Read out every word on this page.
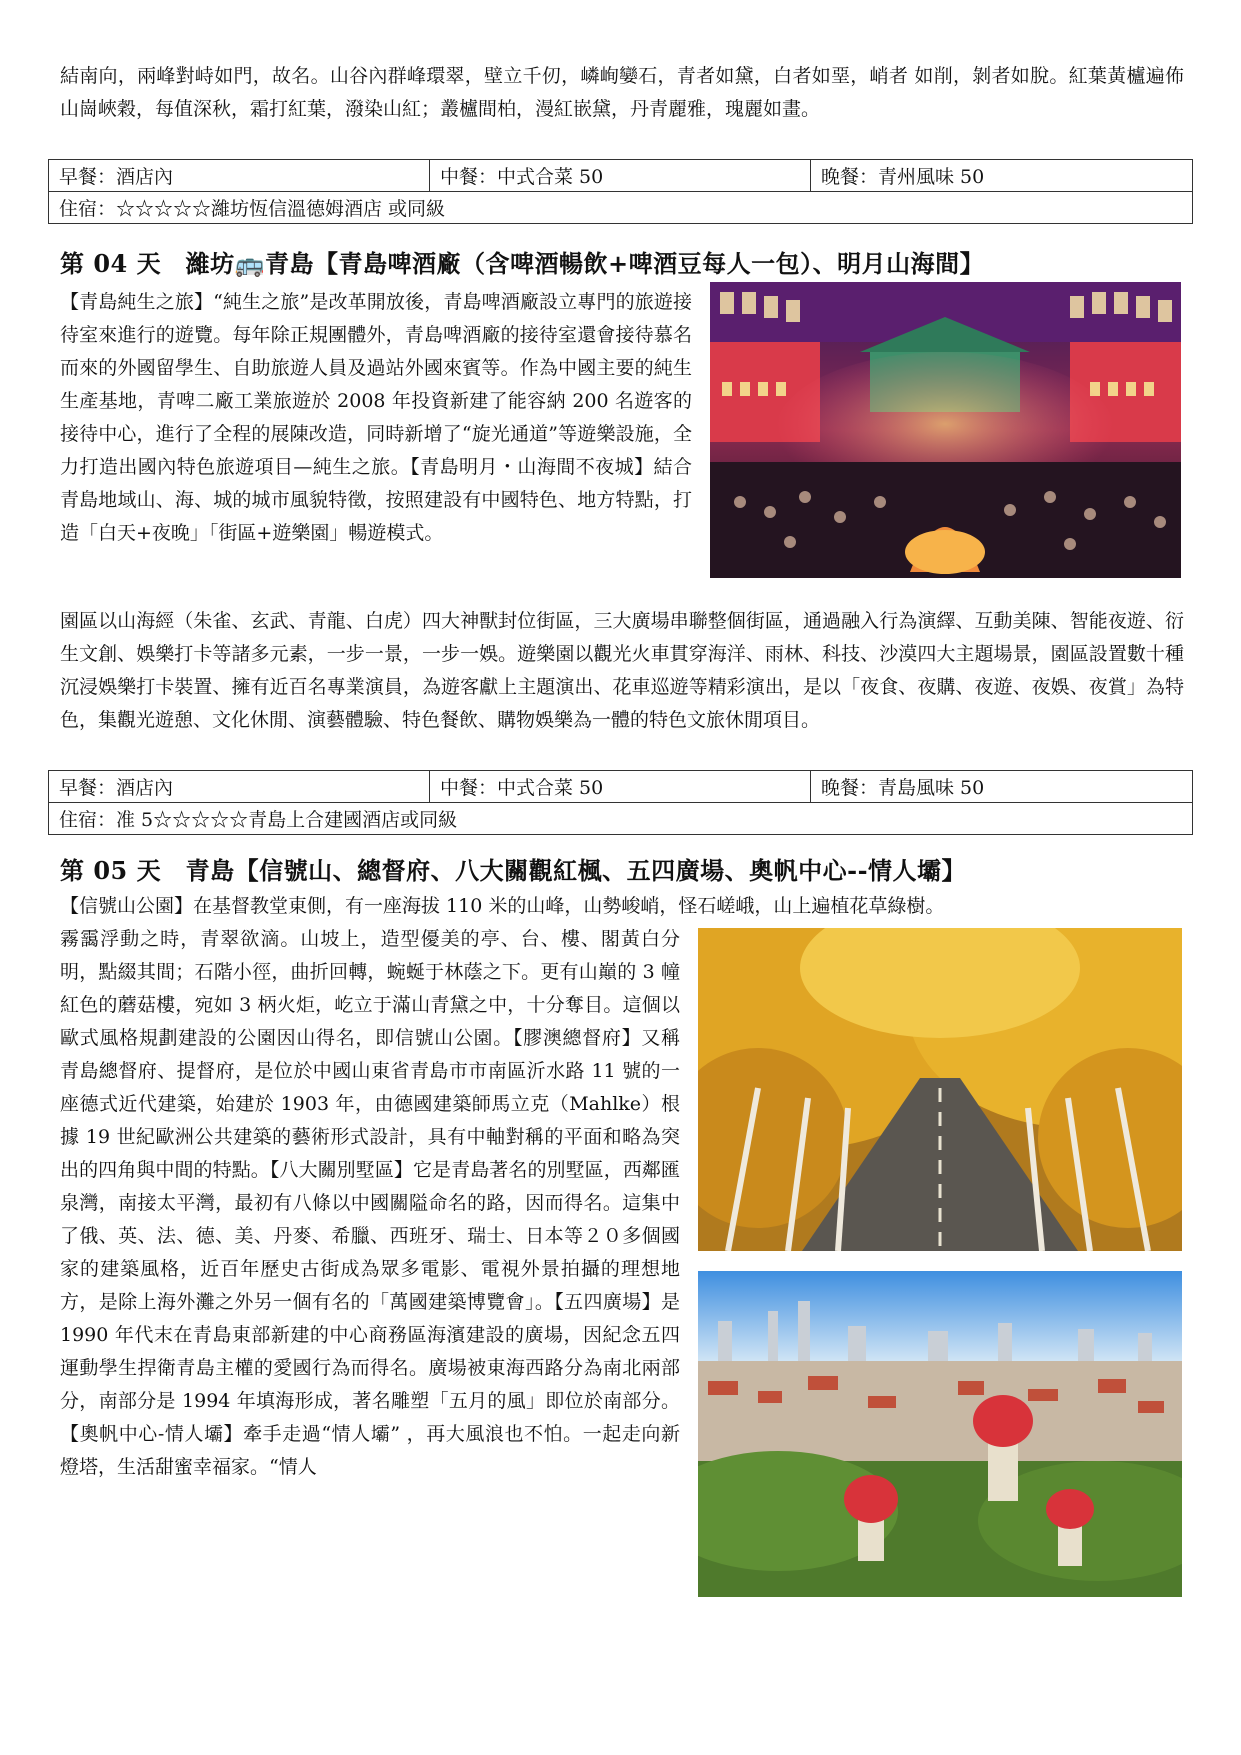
結南向，兩峰對峙如門，故名。山谷內群峰環翠，壁立千仞，嶙峋孌石，青者如黛，白者如堊，峭者 如削，剝者如脫。紅葉黃櫨遍佈山崗峽穀，每值深秋，霜打紅葉，潑染山紅；叢櫨間柏，漫紅嵌黛，丹青麗雅，瑰麗如畫。

早餐：酒店內	中餐：中式合菜 50	晚餐：青州風味 50
住宿：☆☆☆☆☆濰坊恆信溫德姆酒店 或同級
第 04 天　濰坊🚌青島【青島啤酒廠（含啤酒暢飲+啤酒豆每人一包）、明月山海間】

【青島純生之旅】“純生之旅”是改革開放後，青島啤酒廠設立專門的旅遊接待室來進行的遊覽。每年除正規團體外，青島啤酒廠的接待室還會接待慕名而來的外國留學生、自助旅遊人員及過站外國來賓等。作為中國主要的純生生產基地，青啤二廠工業旅遊於 2008 年投資新建了能容納 200 名遊客的接待中心，進行了全程的展陳改造，同時新增了“旋光通道”等遊樂設施，全力打造出國內特色旅遊項目—純生之旅。【青島明月・山海間不夜城】結合青島地域山、海、城的城市風貌特徵，按照建設有中國特色、地方特點，打造「白天+夜晚」「街區+遊樂園」暢遊模式。

園區以山海經（朱雀、玄武、青龍、白虎）四大神獸封位街區，三大廣場串聯整個街區，通過融入行為演繹、互動美陳、智能夜遊、衍生文創、娛樂打卡等諸多元素，一步一景，一步一娛。遊樂園以觀光火車貫穿海洋、雨林、科技、沙漠四大主題場景，園區設置數十種沉浸娛樂打卡裝置、擁有近百名專業演員，為遊客獻上主題演出、花車巡遊等精彩演出，是以「夜食、夜購、夜遊、夜娛、夜賞」為特色，集觀光遊憩、文化休閒、演藝體驗、特色餐飲、購物娛樂為一體的特色文旅休閒項目。

早餐：酒店內	中餐：中式合菜 50	晚餐：青島風味 50
住宿：准 5☆☆☆☆☆青島上合建國酒店或同級
第 05 天　青島【信號山、總督府、八大關觀紅楓、五四廣場、奧帆中心--情人壩】

【信號山公園】在基督教堂東側，有一座海拔 110 米的山峰，山勢峻峭，怪石嵯峨，山上遍植花草綠樹。

霧靄浮動之時，青翠欲滴。山坡上，造型優美的亭、台、樓、閣黃白分明，點綴其間；石階小徑，曲折回轉，蜿蜒于林蔭之下。更有山巔的 3 幢紅色的蘑菇樓，宛如 3 柄火炬，屹立于滿山青黛之中，十分奪目。這個以歐式風格規劃建設的公園因山得名，即信號山公園。【膠澳總督府】又稱 青島總督府、提督府，是位於中國山東省青島市市南區沂水路 11 號的一座德式近代建築，始建於 1903 年，由德國建築師馬立克（Mahlke）根據 19 世紀歐洲公共建築的藝術形式設計，具有中軸對稱的平面和略為突出的四角與中間的特點。【八大關別墅區】它是青島著名的別墅區，西鄰匯泉灣，南接太平灣，最初有八條以中國關隘命名的路，因而得名。這集中了俄、英、法、德、美、丹麥、希臘、西班牙、瑞士、日本等２０多個國家的建築風格，近百年歷史古街成為眾多電影、電視外景拍攝的理想地方，是除上海外灘之外另一個有名的「萬國建築博覽會」。【五四廣場】是 1990 年代末在青島東部新建的中心商務區海濱建設的廣場，因紀念五四運動學生捍衛青島主權的愛國行為而得名。廣場被東海西路分為南北兩部分，南部分是 1994 年填海形成，著名雕塑「五月的風」即位於南部分。【奧帆中心-情人壩】牽手走過“情人壩” ，再大風浪也不怕。一起走向新燈塔，生活甜蜜幸福家。“情人
